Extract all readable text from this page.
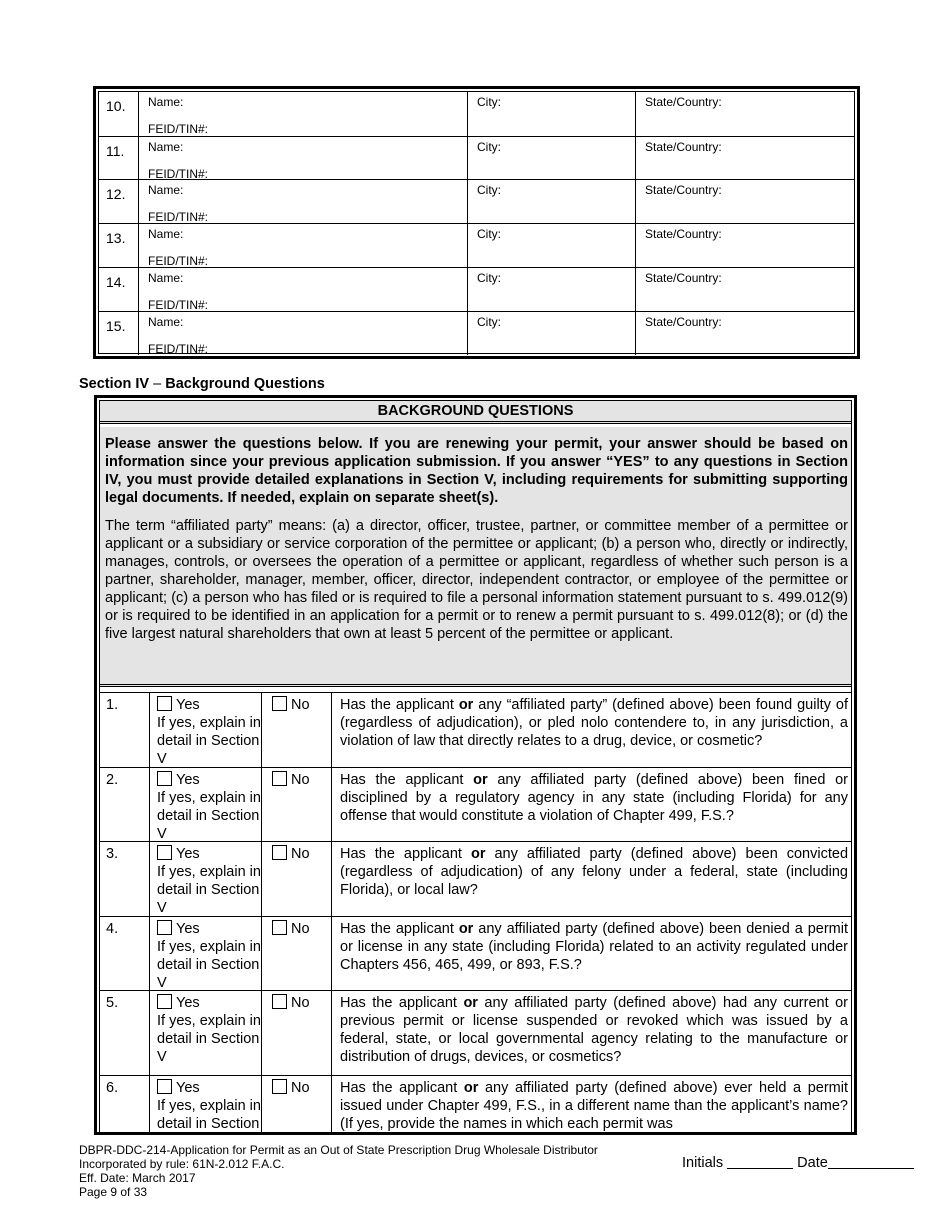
10.	Name:
FEID/TIN#:
City:	State/Country:
11.	Name:
FEID/TIN#:
City:	State/Country:
12.	Name:
FEID/TIN#:
City:	State/Country:
13.	Name:
FEID/TIN#:
City:	State/Country:
14.	Name:
FEID/TIN#:
City:	State/Country:
15.	Name:
FEID/TIN#:
City:	State/Country:
Section IV – Background Questions
BACKGROUND QUESTIONS

Please answer the questions below. If you are renewing your permit, your answer should be based on information since your previous application submission. If you answer “YES” to any questions in Section IV, you must provide detailed explanations in Section V, including requirements for submitting supporting legal documents. If needed, explain on separate sheet(s).

The term “affiliated party” means: (a) a director, officer, trustee, partner, or committee member of a permittee or applicant or a subsidiary or service corporation of the permittee or applicant; (b) a person who, directly or indirectly, manages, controls, or oversees the operation of a permittee or applicant, regardless of whether such person is a partner, shareholder, manager, member, officer, director, independent contractor, or employee of the permittee or applicant; (c) a person who has filed or is required to file a personal information statement pursuant to s. 499.012(9) or is required to be identified in an application for a permit or to renew a permit pursuant to s. 499.012(8); or (d) the five largest natural shareholders that own at least 5 percent of the permittee or applicant.

1.	Yes
If yes, explain in detail in Section V
No	Has the applicant or any “affiliated party” (defined above) been found guilty of (regardless of adjudication), or pled nolo contendere to, in any jurisdiction, a violation of law that directly relates to a drug, device, or cosmetic?
2.	Yes
If yes, explain in detail in Section V
No	Has the applicant or any affiliated party (defined above) been fined or disciplined by a regulatory agency in any state (including Florida) for any offense that would constitute a violation of Chapter 499, F.S.?
3.	Yes
If yes, explain in detail in Section V
No	Has the applicant or any affiliated party (defined above) been convicted (regardless of adjudication) of any felony under a federal, state (including Florida), or local law?
4.	Yes
If yes, explain in detail in Section V
No	Has the applicant or any affiliated party (defined above) been denied a permit or license in any state (including Florida) related to an activity regulated under Chapters 456, 465, 499, or 893, F.S.?
5.	Yes
If yes, explain in detail in Section V
No	Has the applicant or any affiliated party (defined above) had any current or previous permit or license suspended or revoked which was issued by a federal, state, or local governmental agency relating to the manufacture or distribution of drugs, devices, or cosmetics?
6.	Yes
If yes, explain in detail in Section
No	Has the applicant or any affiliated party (defined above) ever held a permit issued under Chapter 499, F.S., in a different name than the applicant’s name? (If yes, provide the names in which each permit was
DBPR-DDC-214-Application for Permit as an Out of State Prescription Drug Wholesale Distributor
Incorporated by rule: 61N-2.012 F.A.C.
Eff. Date: March 2017
Page 9 of 33
Initials	Date
